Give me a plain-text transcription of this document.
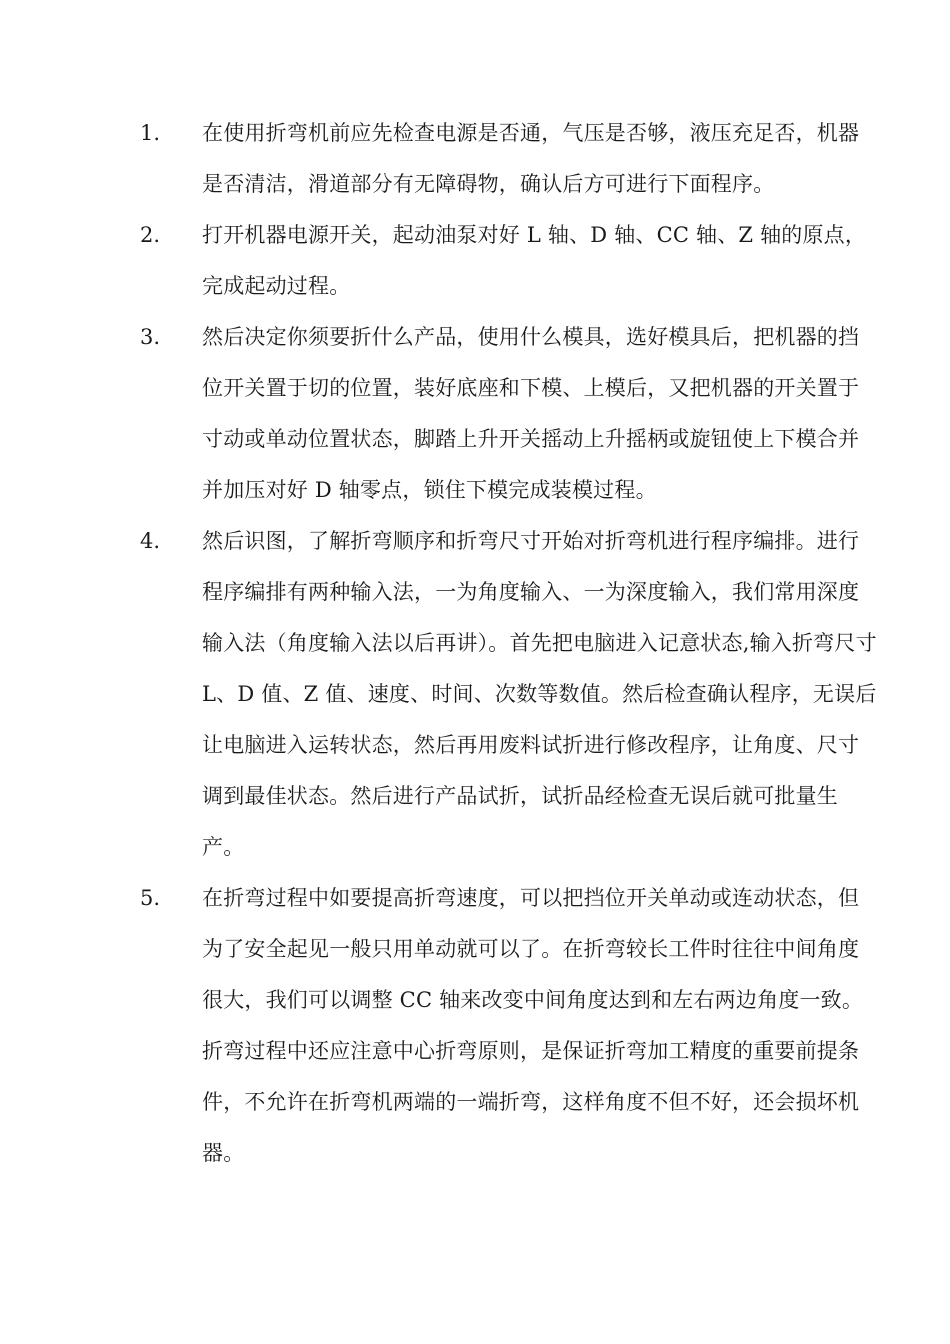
1.	在使用折弯机前应先检查电源是否通，气压是否够，液压充足否，机器是否清洁，滑道部分有无障碍物，确认后方可进行下面程序。

2.	打开机器电源开关，起动油泵对好 L 轴、D 轴、CC 轴、Z 轴的原点，完成起动过程。

3.	然后决定你须要折什么产品，使用什么模具，选好模具后，把机器的挡位开关置于切的位置，装好底座和下模、上模后，又把机器的开关置于寸动或单动位置状态，脚踏上升开关摇动上升摇柄或旋钮使上下模合并并加压对好 D 轴零点，锁住下模完成装模过程。

4.	然后识图，了解折弯顺序和折弯尺寸开始对折弯机进行程序编排。进行程序编排有两种输入法，一为角度输入、一为深度输入，我们常用深度输入法（角度输入法以后再讲）。首先把电脑进入记意状态,输入折弯尺寸 L、D 值、Z 值、速度、时间、次数等数值。然后检查确认程序，无误后让电脑进入运转状态，然后再用废料试折进行修改程序，让角度、尺寸调到最佳状态。然后进行产品试折，试折品经检查无误后就可批量生产。

5.	在折弯过程中如要提高折弯速度，可以把挡位开关单动或连动状态，但为了安全起见一般只用单动就可以了。在折弯较长工件时往往中间角度很大，我们可以调整 CC 轴来改变中间角度达到和左右两边角度一致。折弯过程中还应注意中心折弯原则，是保证折弯加工精度的重要前提条件，不允许在折弯机两端的一端折弯，这样角度不但不好，还会损坏机器。
